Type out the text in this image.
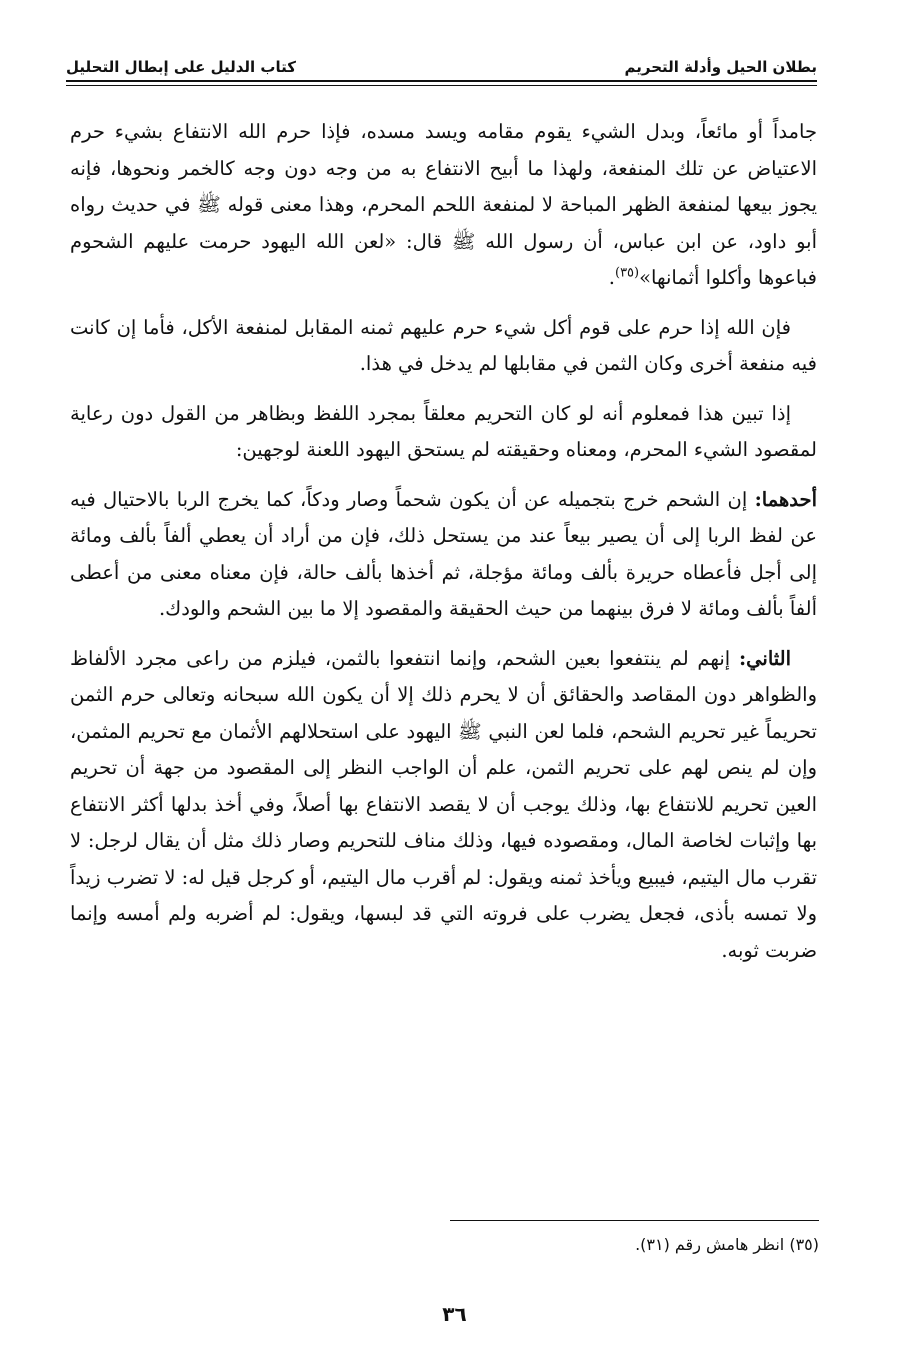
بطلان الحيل وأدلة التحريم
كتاب الدليل على إبطال التحليل

جامداً أو مائعاً، وبدل الشيء يقوم مقامه ويسد مسده، فإذا حرم الله الانتفاع بشيء حرم الاعتياض عن تلك المنفعة، ولهذا ما أبيح الانتفاع به من وجه دون وجه كالخمر ونحوها، فإنه يجوز بيعها لمنفعة الظهر المباحة لا لمنفعة اللحم المحرم، وهذا معنى قوله ﷺ في حديث رواه أبو داود، عن ابن عباس، أن رسول الله ﷺ قال: «لعن الله اليهود حرمت عليهم الشحوم فباعوها وأكلوا أثمانها»$^{(٣٥)}$.

فإن الله إذا حرم على قوم أكل شيء حرم عليهم ثمنه المقابل لمنفعة الأكل، فأما إن كانت فيه منفعة أخرى وكان الثمن في مقابلها لم يدخل في هذا.

إذا تبين هذا فمعلوم أنه لو كان التحريم معلقاً بمجرد اللفظ وبظاهر من القول دون رعاية لمقصود الشيء المحرم، ومعناه وحقيقته لم يستحق اليهود اللعنة لوجهين:

أحدهما: إن الشحم خرج بتجميله عن أن يكون شحماً وصار ودكاً، كما يخرج الربا بالاحتيال فيه عن لفظ الربا إلى أن يصير بيعاً عند من يستحل ذلك، فإن من أراد أن يعطي ألفاً بألف ومائة إلى أجل فأعطاه حريرة بألف ومائة مؤجلة، ثم أخذها بألف حالة، فإن معناه معنى من أعطى ألفاً بألف ومائة لا فرق بينهما من حيث الحقيقة والمقصود إلا ما بين الشحم والودك.

الثاني: إنهم لم ينتفعوا بعين الشحم، وإنما انتفعوا بالثمن، فيلزم من راعى مجرد الألفاظ والظواهر دون المقاصد والحقائق أن لا يحرم ذلك إلا أن يكون الله سبحانه وتعالى حرم الثمن تحريماً غير تحريم الشحم، فلما لعن النبي ﷺ اليهود على استحلالهم الأثمان مع تحريم المثمن، وإن لم ينص لهم على تحريم الثمن، علم أن الواجب النظر إلى المقصود من جهة أن تحريم العين تحريم للانتفاع بها، وذلك يوجب أن لا يقصد الانتفاع بها أصلاً، وفي أخذ بدلها أكثر الانتفاع بها وإثبات لخاصة المال، ومقصوده فيها، وذلك مناف للتحريم وصار ذلك مثل أن يقال لرجل: لا تقرب مال اليتيم، فيبيع ويأخذ ثمنه ويقول: لم أقرب مال اليتيم، أو كرجل قيل له: لا تضرب زيداً ولا تمسه بأذى، فجعل يضرب على فروته التي قد لبسها، ويقول: لم أضربه ولم أمسه وإنما ضربت ثوبه.

(٣٥) انظر هامش رقم (٣١).
٣٦
